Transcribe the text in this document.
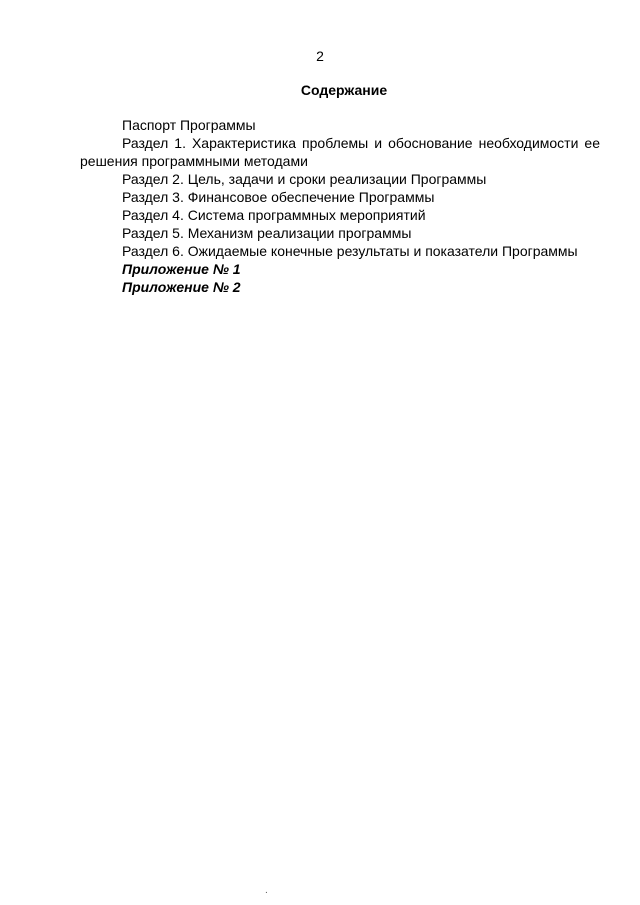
2
Содержание
Паспорт Программы
Раздел 1. Характеристика проблемы и обоснование необходимости ее решения программными методами
Раздел 2. Цель, задачи и сроки реализации Программы
Раздел 3. Финансовое обеспечение Программы
Раздел 4. Система программных мероприятий
Раздел 5. Механизм реализации программы
Раздел 6. Ожидаемые конечные результаты и показатели Программы
Приложение № 1
Приложение № 2
.
